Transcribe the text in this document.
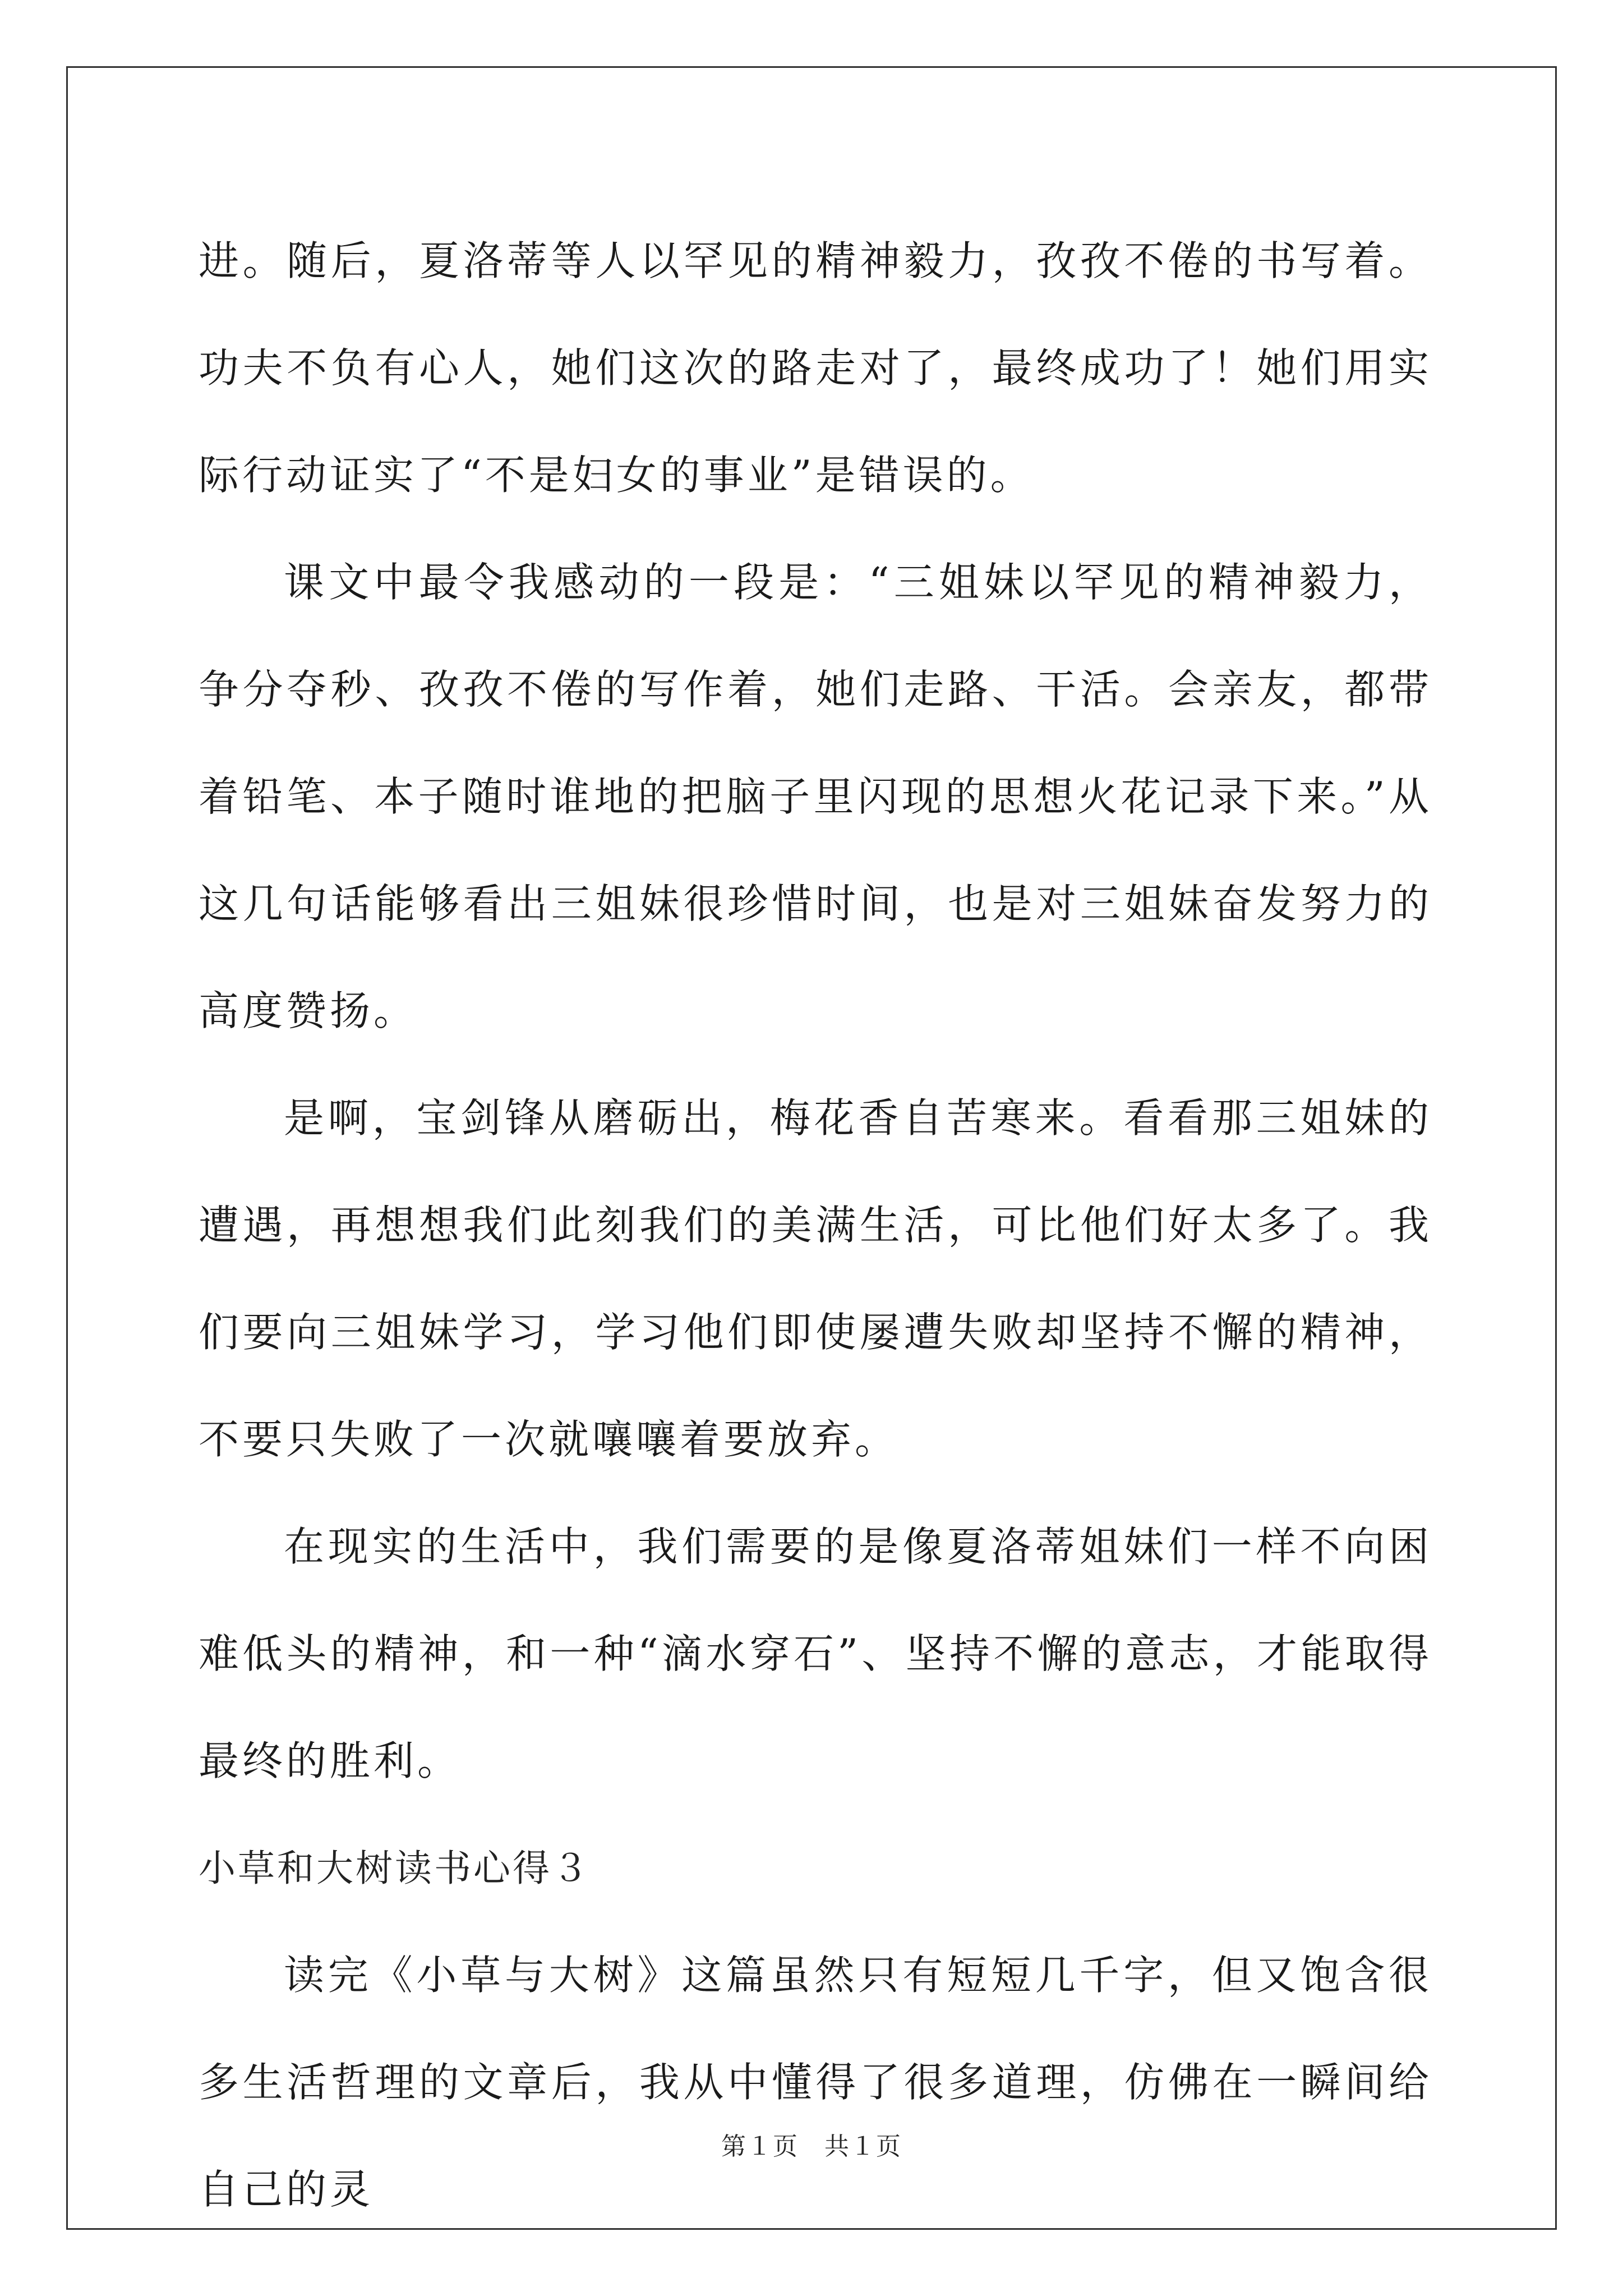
进。随后，夏洛蒂等人以罕见的精神毅力，孜孜不倦的书写着。功夫不负有心人，她们这次的路走对了，最终成功了！她们用实际行动证实了“不是妇女的事业”是错误的。

课文中最令我感动的一段是：“三姐妹以罕见的精神毅力，争分夺秒、孜孜不倦的写作着，她们走路、干活。会亲友，都带着铅笔、本子随时谁地的把脑子里闪现的思想火花记录下来。”从这几句话能够看出三姐妹很珍惜时间，也是对三姐妹奋发努力的高度赞扬。

是啊，宝剑锋从磨砺出，梅花香自苦寒来。看看那三姐妹的遭遇，再想想我们此刻我们的美满生活，可比他们好太多了。我们要向三姐妹学习，学习他们即使屡遭失败却坚持不懈的精神，不要只失败了一次就嚷嚷着要放弃。

在现实的生活中，我们需要的是像夏洛蒂姐妹们一样不向困难低头的精神，和一种“滴水穿石”、坚持不懈的意志，才能取得最终的胜利。

小草和大树读书心得３

读完《小草与大树》这篇虽然只有短短几千字，但又饱含很多生活哲理的文章后，我从中懂得了很多道理，仿佛在一瞬间给自己的灵

第１页　共１页
